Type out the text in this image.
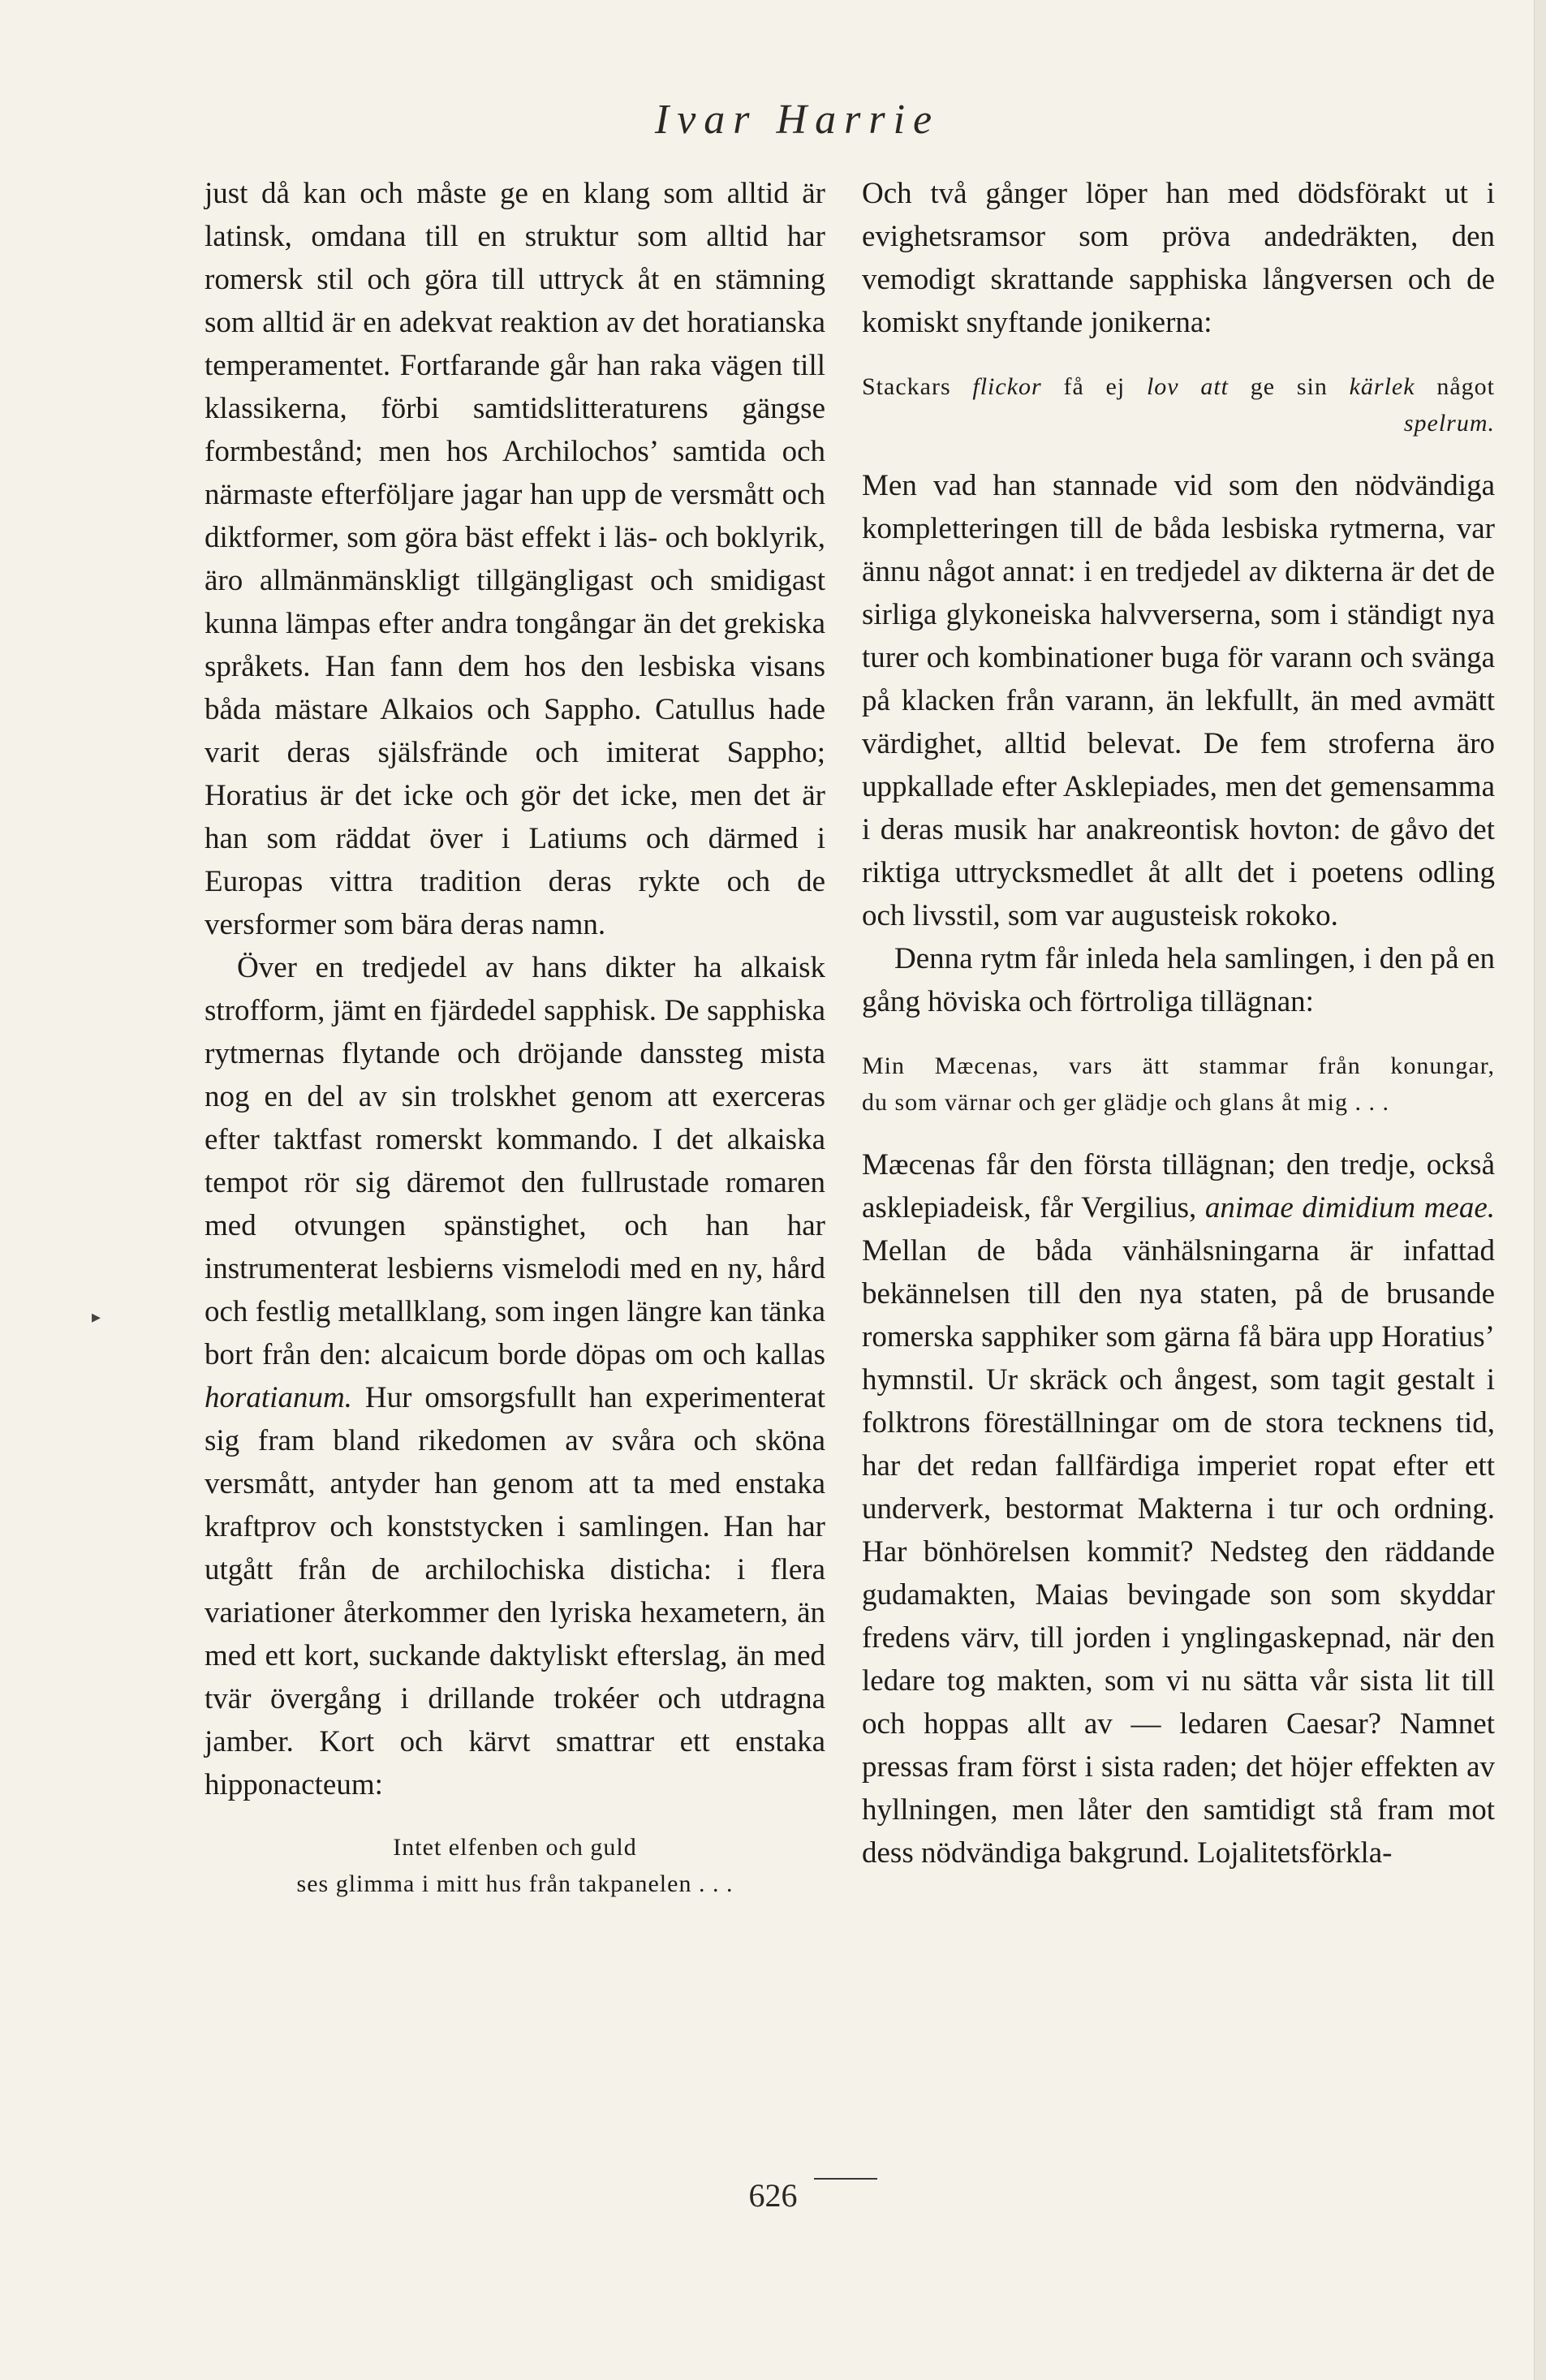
Ivar Harrie
▸

just då kan och måste ge en klang som alltid är latinsk, omdana till en struktur som alltid har romersk stil och göra till uttryck åt en stämning som alltid är en adekvat reaktion av det horatianska temperamentet. Fortfarande går han raka vägen till klassikerna, förbi samtidslitteraturens gängse formbestånd; men hos Archilochos’ samtida och närmaste efterföljare jagar han upp de versmått och diktformer, som göra bäst effekt i läs- och boklyrik, äro allmänmänskligt tillgängligast och smidigast kunna lämpas efter andra tongångar än det grekiska språkets. Han fann dem hos den lesbiska visans båda mästare Alkaios och Sappho. Catullus hade varit deras själsfrände och imiterat Sappho; Horatius är det icke och gör det icke, men det är han som räddat över i Latiums och därmed i Europas vittra tradition deras rykte och de versformer som bära deras namn.

Över en tredjedel av hans dikter ha alkaisk strofform, jämt en fjärdedel sapphisk. De sapphiska rytmernas flytande och dröjande danssteg mista nog en del av sin trolskhet genom att exerceras efter taktfast romerskt kommando. I det alkaiska tempot rör sig däremot den fullrustade romaren med otvungen spänstighet, och han har instrumenterat lesbierns vismelodi med en ny, hård och festlig metallklang, som ingen längre kan tänka bort från den: alcaicum borde döpas om och kallas horatianum. Hur omsorgsfullt han experimenterat sig fram bland rikedomen av svåra och sköna versmått, antyder han genom att ta med enstaka kraftprov och konststycken i samlingen. Han har utgått från de archilochiska disticha: i flera variationer återkommer den lyriska hexametern, än med ett kort, suckande daktyliskt efterslag, än med tvär övergång i drillande trokéer och utdragna jamber. Kort och kärvt smattrar ett enstaka hipponacteum:

Intet elfenben och guld
ses glimma i mitt hus från takpanelen . . .

Och två gånger löper han med dödsförakt ut i evighetsramsor som pröva andedräkten, den vemodigt skrattande sapphiska långversen och de komiskt snyftande jonikerna:

Stackars flickor få ej lov att ge sin kärlek något
spelrum.

Men vad han stannade vid som den nödvändiga kompletteringen till de båda lesbiska rytmerna, var ännu något annat: i en tredjedel av dikterna är det de sirliga glykoneiska halvverserna, som i ständigt nya turer och kombinationer buga för varann och svänga på klacken från varann, än lekfullt, än med avmätt värdighet, alltid belevat. De fem stroferna äro uppkallade efter Asklepiades, men det gemensamma i deras musik har anakreontisk hovton: de gåvo det riktiga uttrycksmedlet åt allt det i poetens odling och livsstil, som var augusteisk rokoko.

Denna rytm får inleda hela samlingen, i den på en gång höviska och förtroliga tillägnan:

Min Mæcenas, vars ätt stammar från konungar,
du som värnar och ger glädje och glans åt mig . . .

Mæcenas får den första tillägnan; den tredje, också asklepiadeisk, får Vergilius, animae dimidium meae. Mellan de båda vänhälsningarna är infattad bekännelsen till den nya staten, på de brusande romerska sapphiker som gärna få bära upp Horatius’ hymnstil. Ur skräck och ångest, som tagit gestalt i folktrons föreställningar om de stora tecknens tid, har det redan fallfärdiga imperiet ropat efter ett underverk, bestormat Makterna i tur och ordning. Har bönhörelsen kommit? Nedsteg den räddande gudamakten, Maias bevingade son som skyddar fredens värv, till jorden i ynglingaskepnad, när den ledare tog makten, som vi nu sätta vår sista lit till och hoppas allt av — ledaren Caesar? Namnet pressas fram först i sista raden; det höjer effekten av hyllningen, men låter den samtidigt stå fram mot dess nödvändiga bakgrund. Lojalitetsförkla-

626
